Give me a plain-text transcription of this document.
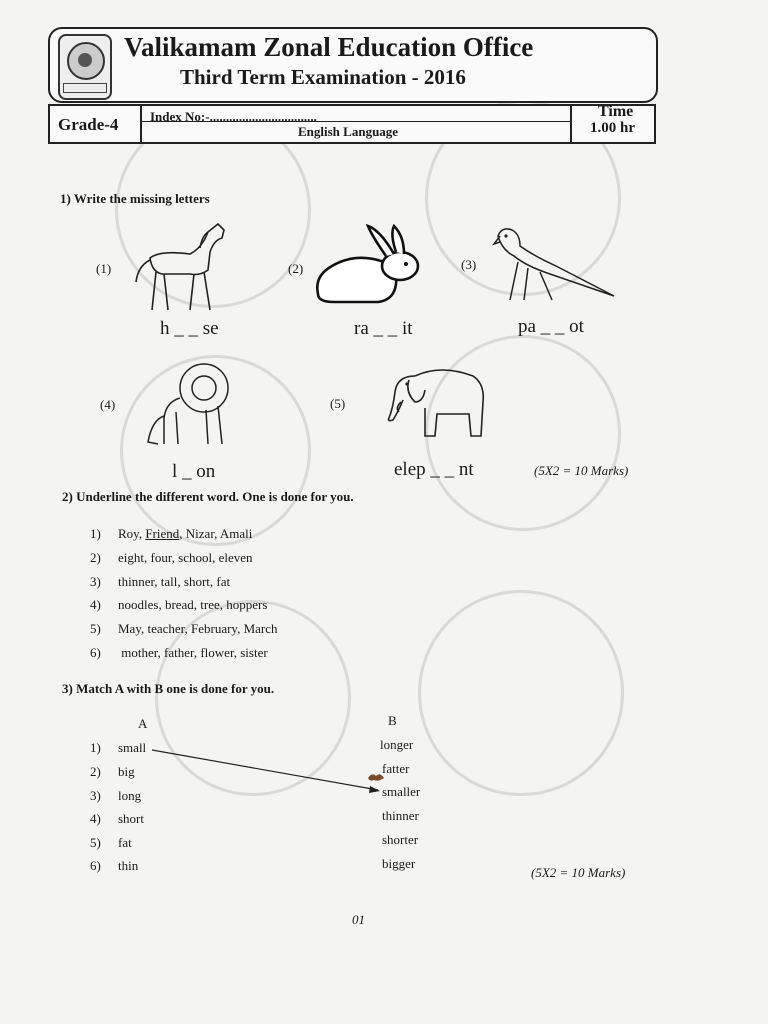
Valikamam Zonal Education Office
Third Term Examination - 2016
Grade-4 Index No:-.................................
English Language
Time
1.00 hr
1) Write the missing letters
(1)
h _ _ se
(2)
ra _ _ it
(3)
pa _ _ ot
(4)
l _ on
(5)
elep _ _ nt	(5X2 = 10 Marks)
2) Underline the different word. One is done for you.
1) Roy, Friend, Nizar, Amali
2) eight, four, school, eleven
3) thinner, tall, short, fat
4) noodles, bread, tree, hoppers
5) May, teacher, February, March
6) mother, father, flower, sister
3) Match A with B one is done for you.
A	B
1) small
2) big
3) long
4) short
5) fat
6) thin
longer
fatter
smaller
thinner
shorter
bigger
(5X2 = 10 Marks)
01
